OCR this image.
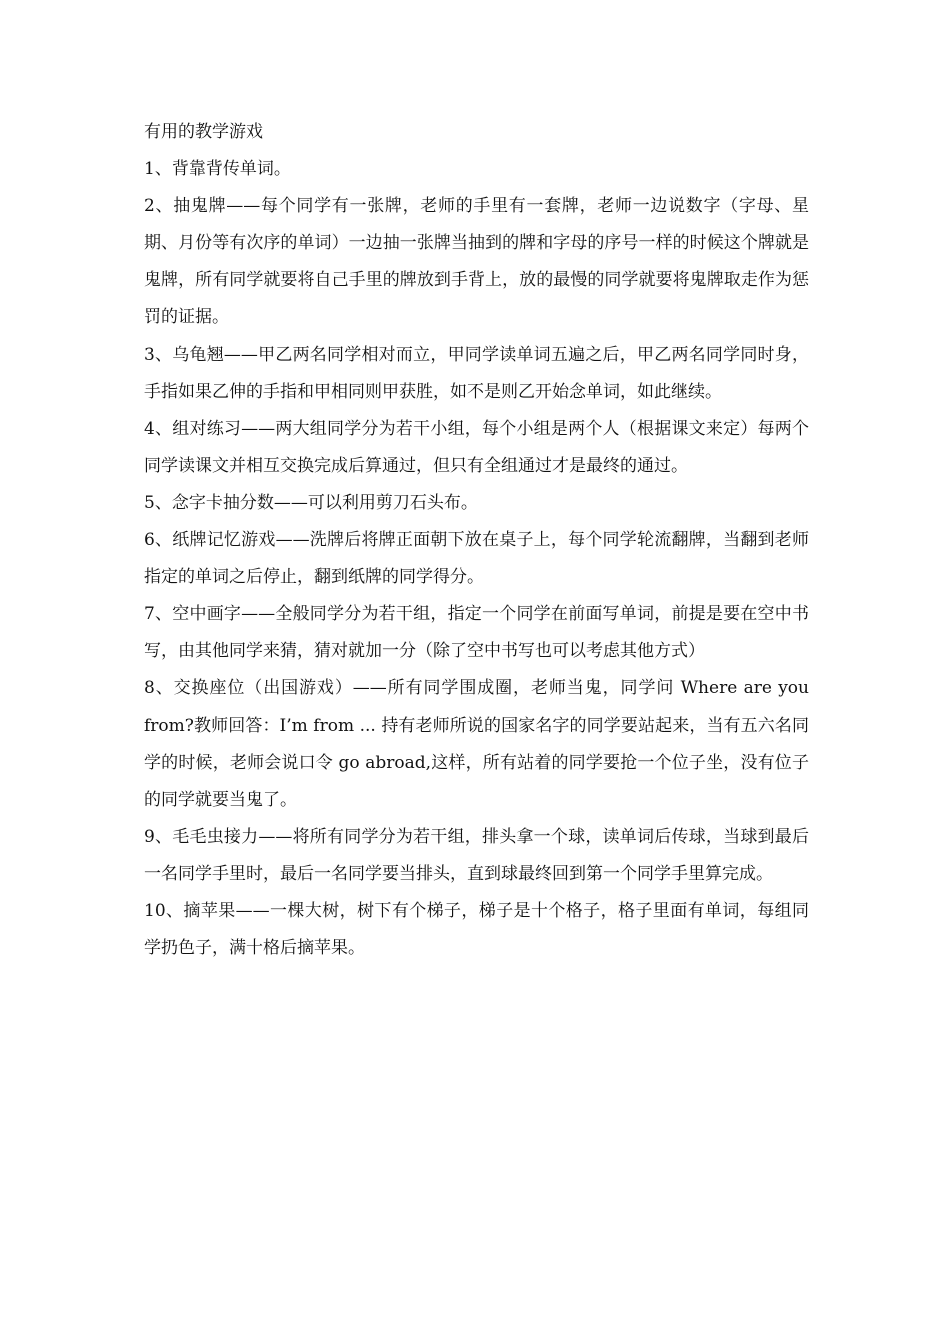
有用的教学游戏

1、背靠背传单词。

2、抽鬼牌——每个同学有一张牌，老师的手里有一套牌，老师一边说数字（字母、星期、月份等有次序的单词）一边抽一张牌当抽到的牌和字母的序号一样的时候这个牌就是鬼牌，所有同学就要将自己手里的牌放到手背上，放的最慢的同学就要将鬼牌取走作为惩罚的证据。

3、乌龟翘——甲乙两名同学相对而立，甲同学读单词五遍之后，甲乙两名同学同时身，手指如果乙伸的手指和甲相同则甲获胜，如不是则乙开始念单词，如此继续。

4、组对练习——两大组同学分为若干小组，每个小组是两个人（根据课文来定）每两个同学读课文并相互交换完成后算通过，但只有全组通过才是最终的通过。

5、念字卡抽分数——可以利用剪刀石头布。

6、纸牌记忆游戏——洗牌后将牌正面朝下放在桌子上，每个同学轮流翻牌，当翻到老师指定的单词之后停止，翻到纸牌的同学得分。

7、空中画字——全般同学分为若干组，指定一个同学在前面写单词，前提是要在空中书写，由其他同学来猜，猜对就加一分（除了空中书写也可以考虑其他方式）

8、交换座位（出国游戏）——所有同学围成圈，老师当鬼，同学问 Where are you from?教师回答：I’m from ... 持有老师所说的国家名字的同学要站起来，当有五六名同学的时候，老师会说口令 go abroad,这样，所有站着的同学要抢一个位子坐，没有位子的同学就要当鬼了。

9、毛毛虫接力——将所有同学分为若干组，排头拿一个球，读单词后传球，当球到最后一名同学手里时，最后一名同学要当排头，直到球最终回到第一个同学手里算完成。

10、摘苹果——一棵大树，树下有个梯子，梯子是十个格子，格子里面有单词，每组同学扔色子，满十格后摘苹果。
